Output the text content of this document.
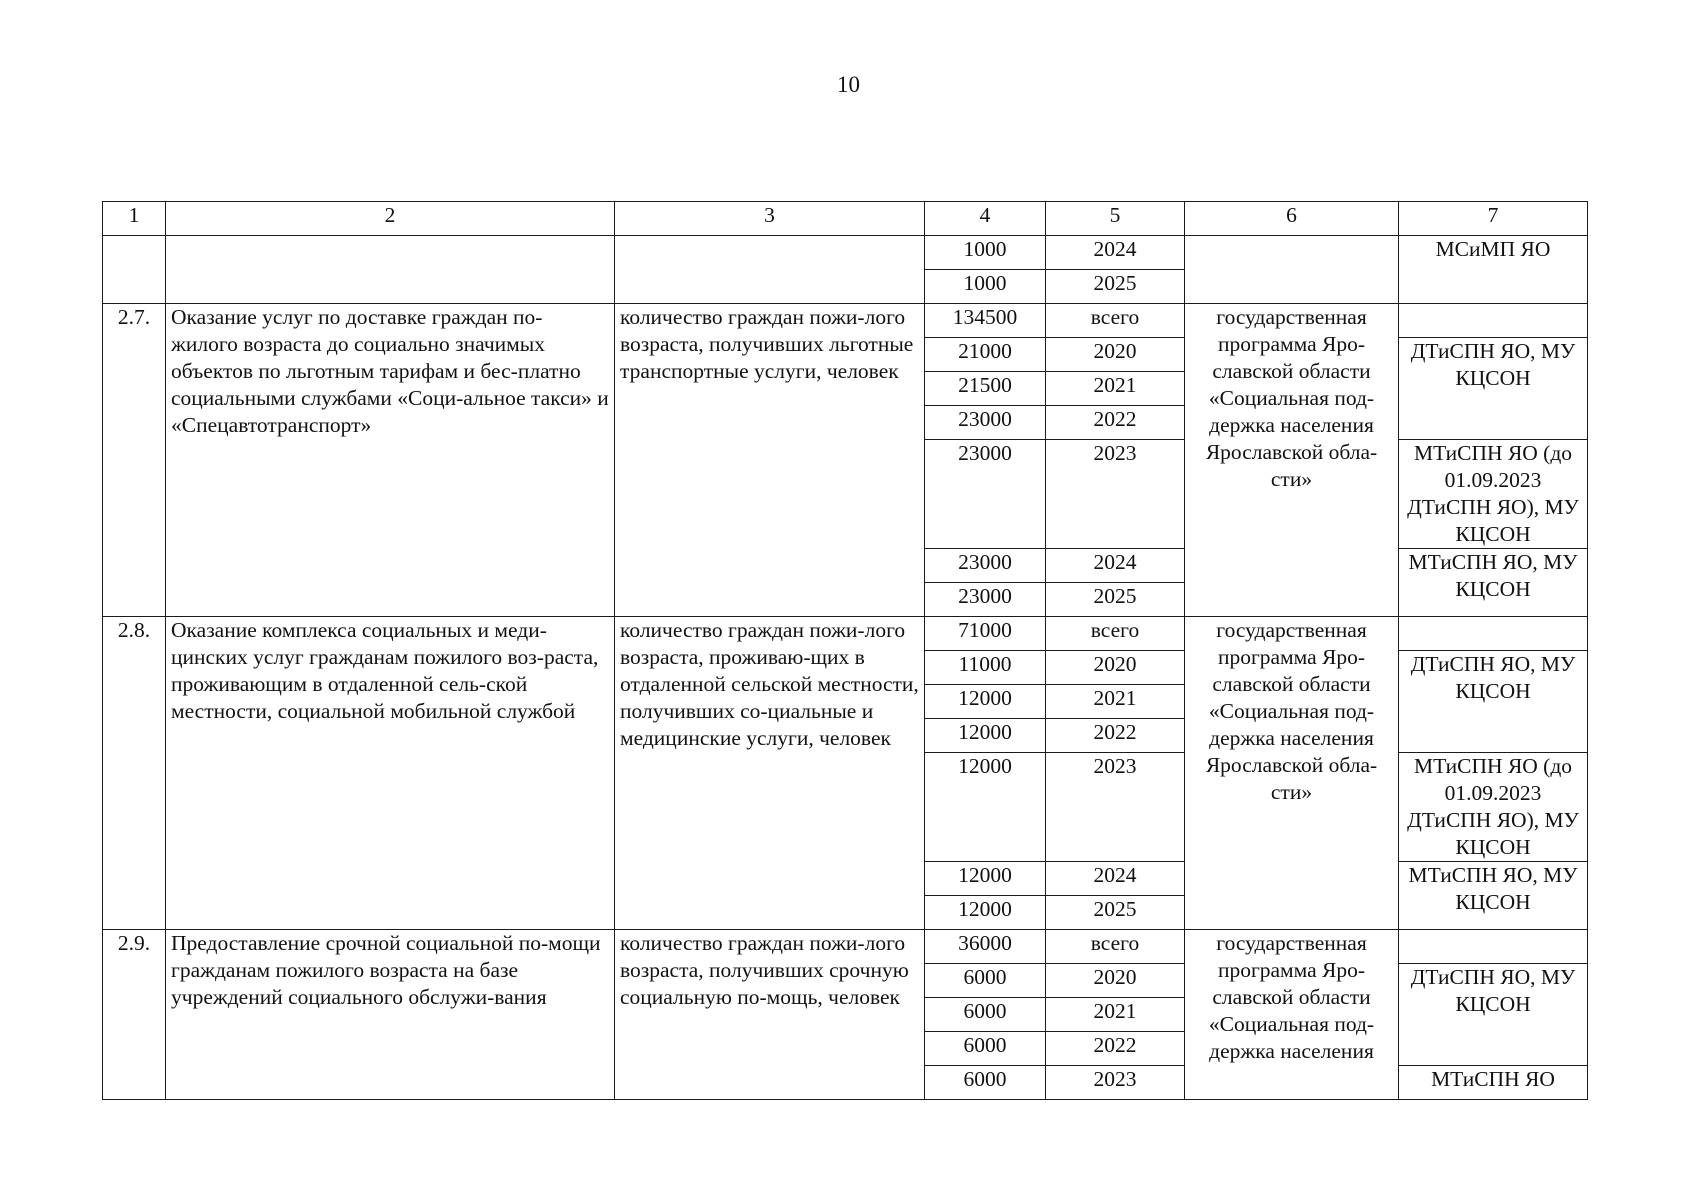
10
1	2	3	4	5	6	7
			1000	2024		МСиМП ЯО
			1000	2025		
2.7.	Оказание услуг по доставке граждан по-жилого возраста до социально значимых объектов по льготным тарифам и бес-платно социальными службами «Соци-альное такси» и «Спецавтотранспорт»	количество граждан пожи-лого возраста, получивших льготные транспортные услуги, человек	134500	всего	государственная программа Яро-славской области «Социальная под-держка населения Ярославской обла-сти»	
			21000	2020		ДТиСПН ЯО, МУ КЦСОН
			21500	2021		
			23000	2022		
			23000	2023		МТиСПН ЯО (до 01.09.2023 ДТиСПН ЯО), МУ КЦСОН
			23000	2024		МТиСПН ЯО, МУ КЦСОН
			23000	2025		
2.8.	Оказание комплекса социальных и меди-цинских услуг гражданам пожилого воз-раста, проживающим в отдаленной сель-ской местности, социальной мобильной службой	количество граждан пожи-лого возраста, проживаю-щих в отдаленной сельской местности, получивших со-циальные и медицинские услуги, человек	71000	всего	государственная программа Яро-славской области «Социальная под-держка населения Ярославской обла-сти»	
			11000	2020		ДТиСПН ЯО, МУ КЦСОН
			12000	2021		
			12000	2022		
			12000	2023		МТиСПН ЯО (до 01.09.2023 ДТиСПН ЯО), МУ КЦСОН
			12000	2024		МТиСПН ЯО, МУ КЦСОН
			12000	2025		
2.9.	Предоставление срочной социальной по-мощи гражданам пожилого возраста на базе учреждений социального обслужи-вания	количество граждан пожи-лого возраста, получивших срочную социальную по-мощь, человек	36000	всего	государственная программа Яро-славской области «Социальная под-держка населения	
			6000	2020		ДТиСПН ЯО, МУ КЦСОН
			6000	2021		
			6000	2022		
			6000	2023		МТиСПН ЯО
